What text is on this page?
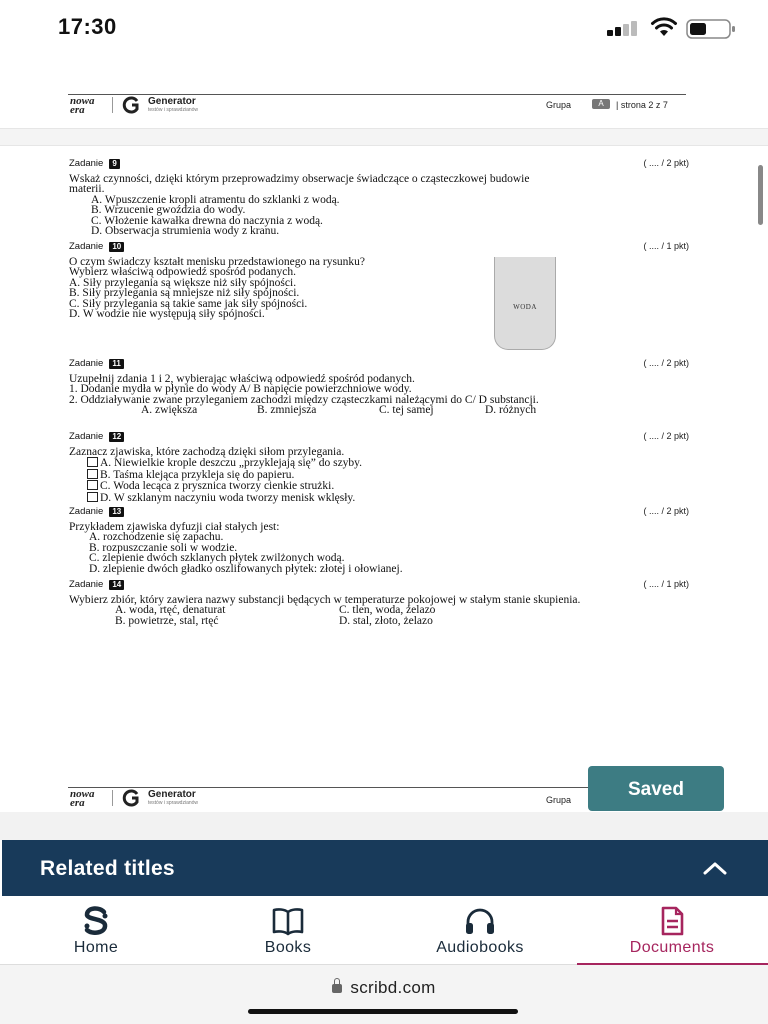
17:30
nowa
era
Generator
testów i sprawdzianów	Grupa	A	| strona 2 z 7
Zadanie 9	( .... / 2 pkt)
Wskaż czynności, dzięki którym przeprowadzimy obserwacje świadczące o cząsteczkowej budowie materii.
A. Wpuszczenie kropli atramentu do szklanki z wodą.
B. Wrzucenie gwoździa do wody.
C. Włożenie kawałka drewna do naczynia z wodą.
D. Obserwacja strumienia wody z kranu.
Zadanie 10	( .... / 1 pkt)
O czym świadczy kształt menisku przedstawionego na rysunku?
Wybierz właściwą odpowiedź spośród podanych.
A. Siły przylegania są większe niż siły spójności.
B. Siły przylegania są mniejsze niż siły spójności.
C. Siły przylegania są takie same jak siły spójności.
D. W wodzie nie występują siły spójności.
WODA
Zadanie 11	( .... / 2 pkt)
Uzupełnij zdania 1 i 2, wybierając właściwą odpowiedź spośród podanych.
1. Dodanie mydła w płynie do wody A/ B napięcie powierzchniowe wody.
2. Oddziaływanie zwane przyleganiem zachodzi między cząsteczkami należącymi do C/ D substancji.
A. zwiększa	B. zmniejsza	C. tej samej	D. różnych
Zadanie 12	( .... / 2 pkt)
Zaznacz zjawiska, które zachodzą dzięki siłom przylegania.
A. Niewielkie krople deszczu „przyklejają się” do szyby.
B. Taśma klejąca przykleja się do papieru.
C. Woda lecąca z prysznica tworzy cienkie strużki.
D. W szklanym naczyniu woda tworzy menisk wklęsły.
Zadanie 13	( .... / 2 pkt)
Przykładem zjawiska dyfuzji ciał stałych jest:
A. rozchodzenie się zapachu.
B. rozpuszczanie soli w wodzie.
C. zlepienie dwóch szklanych płytek zwilżonych wodą.
D. zlepienie dwóch gładko oszlifowanych płytek: złotej i ołowianej.
Zadanie 14	( .... / 1 pkt)
Wybierz zbiór, który zawiera nazwy substancji będących w temperaturze pokojowej w stałym stanie skupienia.
A. woda, rtęć, denaturat	C. tlen, woda, żelazo
B. powietrze, stal, rtęć	D. stal, złoto, żelazo
nowa
era
Generator
testów i sprawdzianów	Grupa	Saved
Related titles
Home	Books	Audiobooks	Documents
scribd.com
